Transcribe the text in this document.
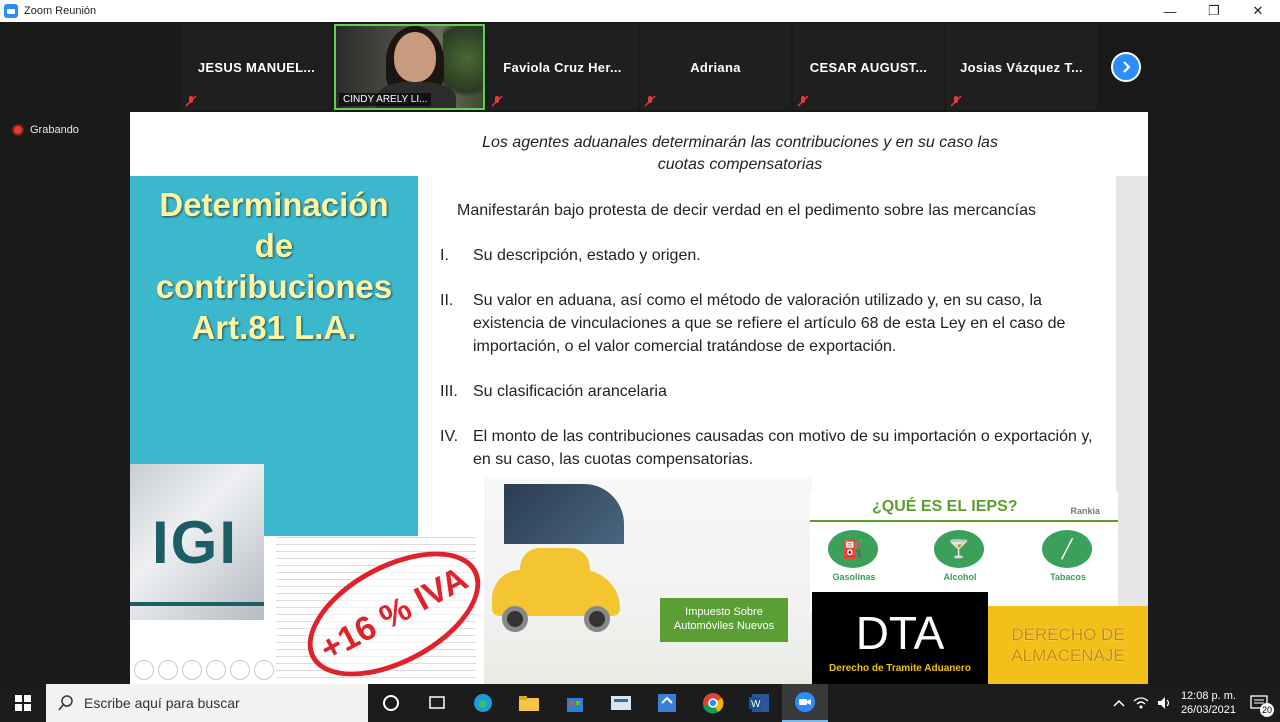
Zoom Reunión	—	❐	✕
JESUS MANUEL...
CINDY ARELY LI...
Faviola Cruz Her...	Adriana	CESAR AUGUST...	Josias Vázquez T...
Grabando
Los agentes aduanales determinarán las contribuciones y en su caso las cuotas compensatorias
Determinación
de
contribuciones
Art.81 L.A.
Manifestarán bajo protesta de decir verdad en el pedimento sobre las mercancías
I.	Su descripción, estado y origen.
II.	Su valor en aduana, así como el método de valoración utilizado y, en su caso, la existencia de vinculaciones a que se refiere el artículo 68 de esta Ley en el caso de importación, o el valor comercial tratándose de exportación.
III. Su clasificación arancelaria
IV. El monto de las contribuciones causadas con motivo de su importación o exportación y, en su caso, las cuotas compensatorias.
IGI
+16 % IVA	Impuesto Sobre Automóviles Nuevos
¿QUÉ ES EL IEPS?	Rankia
⛽	🍸	╱
Gasolinas	Alcohol	Tabacos
DTA
Derecho de Tramite Aduanero
DERECHO DE ALMACENAJE
Escribe aquí para buscar	W
12:08 p. m.
26/03/2021	20
